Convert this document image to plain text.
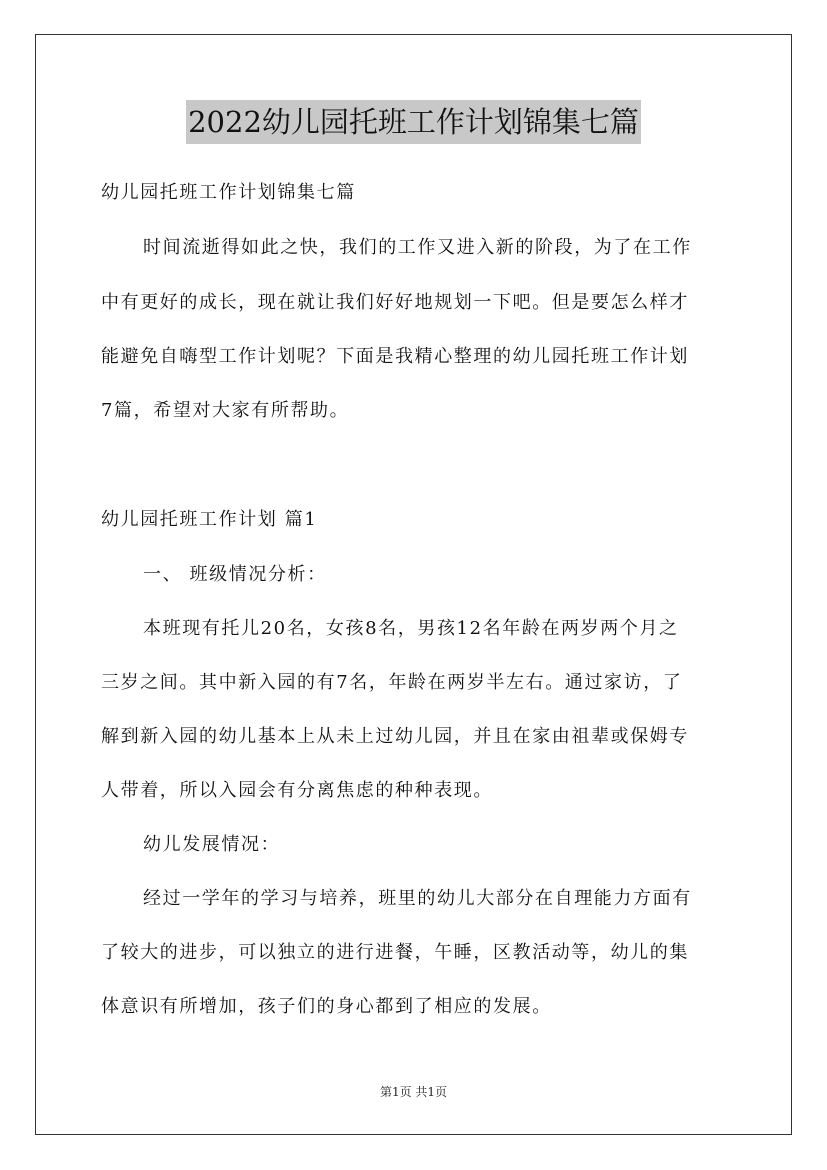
2022幼儿园托班工作计划锦集七篇
幼儿园托班工作计划锦集七篇
时间流逝得如此之快，我们的工作又进入新的阶段，为了在工作
中有更好的成长，现在就让我们好好地规划一下吧。但是要怎么样才
能避免自嗨型工作计划呢？下面是我精心整理的幼儿园托班工作计划
7篇，希望对大家有所帮助。
幼儿园托班工作计划 篇1
一、 班级情况分析：
本班现有托儿20名，女孩8名，男孩12名年龄在两岁两个月之
三岁之间。其中新入园的有7名，年龄在两岁半左右。通过家访，了
解到新入园的幼儿基本上从未上过幼儿园，并且在家由祖辈或保姆专
人带着，所以入园会有分离焦虑的种种表现。
幼儿发展情况：
经过一学年的学习与培养，班里的幼儿大部分在自理能力方面有
了较大的进步，可以独立的进行进餐，午睡，区教活动等，幼儿的集
体意识有所增加，孩子们的身心都到了相应的发展。
第1页 共1页
